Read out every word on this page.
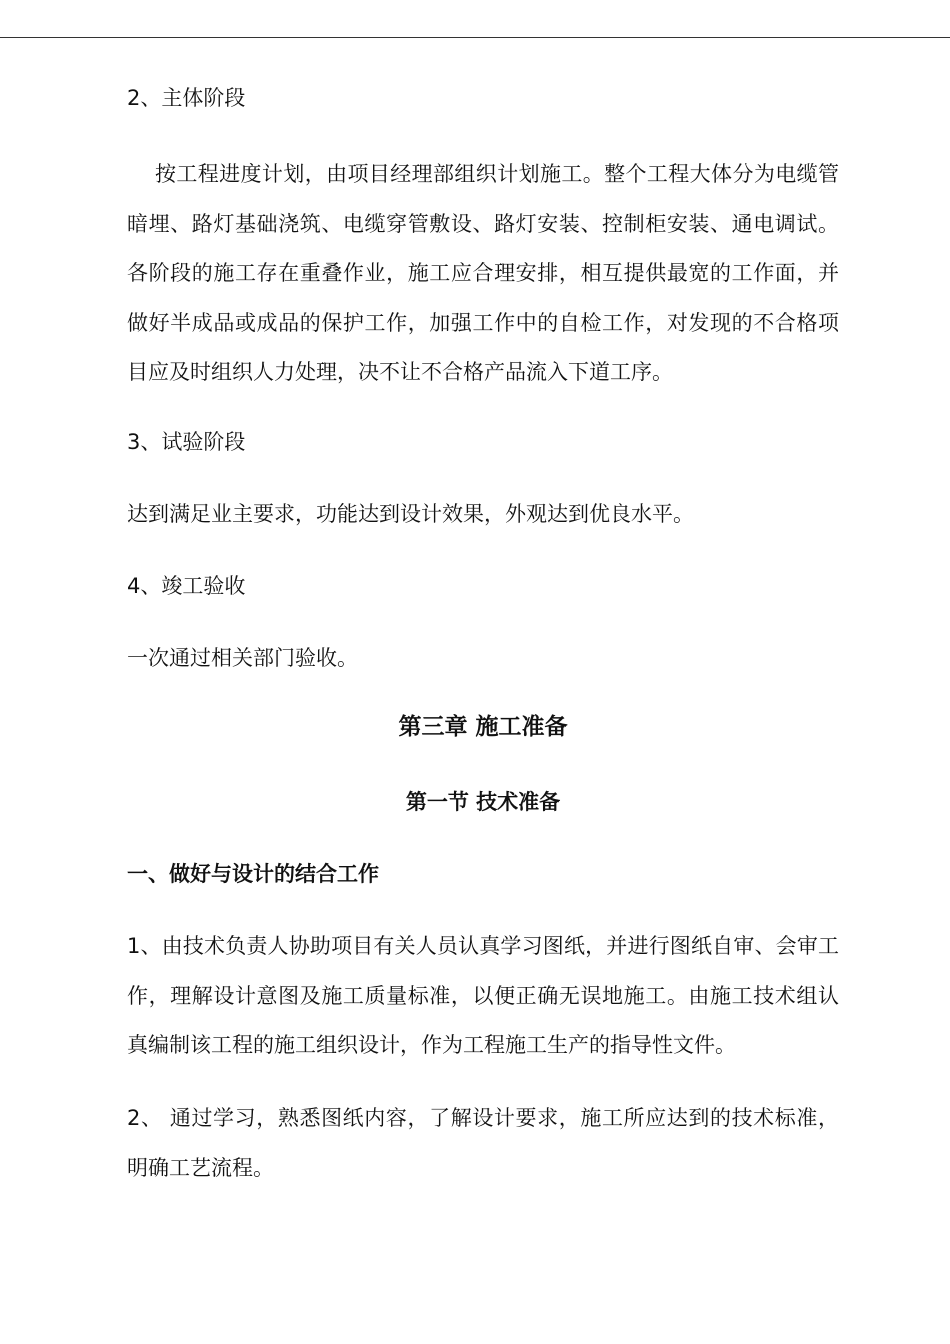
2、主体阶段

按工程进度计划，由项目经理部组织计划施工。整个工程大体分为电缆管暗埋、路灯基础浇筑、电缆穿管敷设、路灯安装、控制柜安装、通电调试。各阶段的施工存在重叠作业，施工应合理安排，相互提供最宽的工作面，并做好半成品或成品的保护工作，加强工作中的自检工作，对发现的不合格项目应及时组织人力处理，决不让不合格产品流入下道工序。

3、试验阶段

达到满足业主要求，功能达到设计效果，外观达到优良水平。

4、竣工验收

一次通过相关部门验收。

第三章 施工准备

第一节 技术准备

一、做好与设计的结合工作

1、由技术负责人协助项目有关人员认真学习图纸，并进行图纸自审、会审工作，理解设计意图及施工质量标准，以便正确无误地施工。由施工技术组认真编制该工程的施工组织设计，作为工程施工生产的指导性文件。

2、 通过学习，熟悉图纸内容，了解设计要求，施工所应达到的技术标准，明确工艺流程。
